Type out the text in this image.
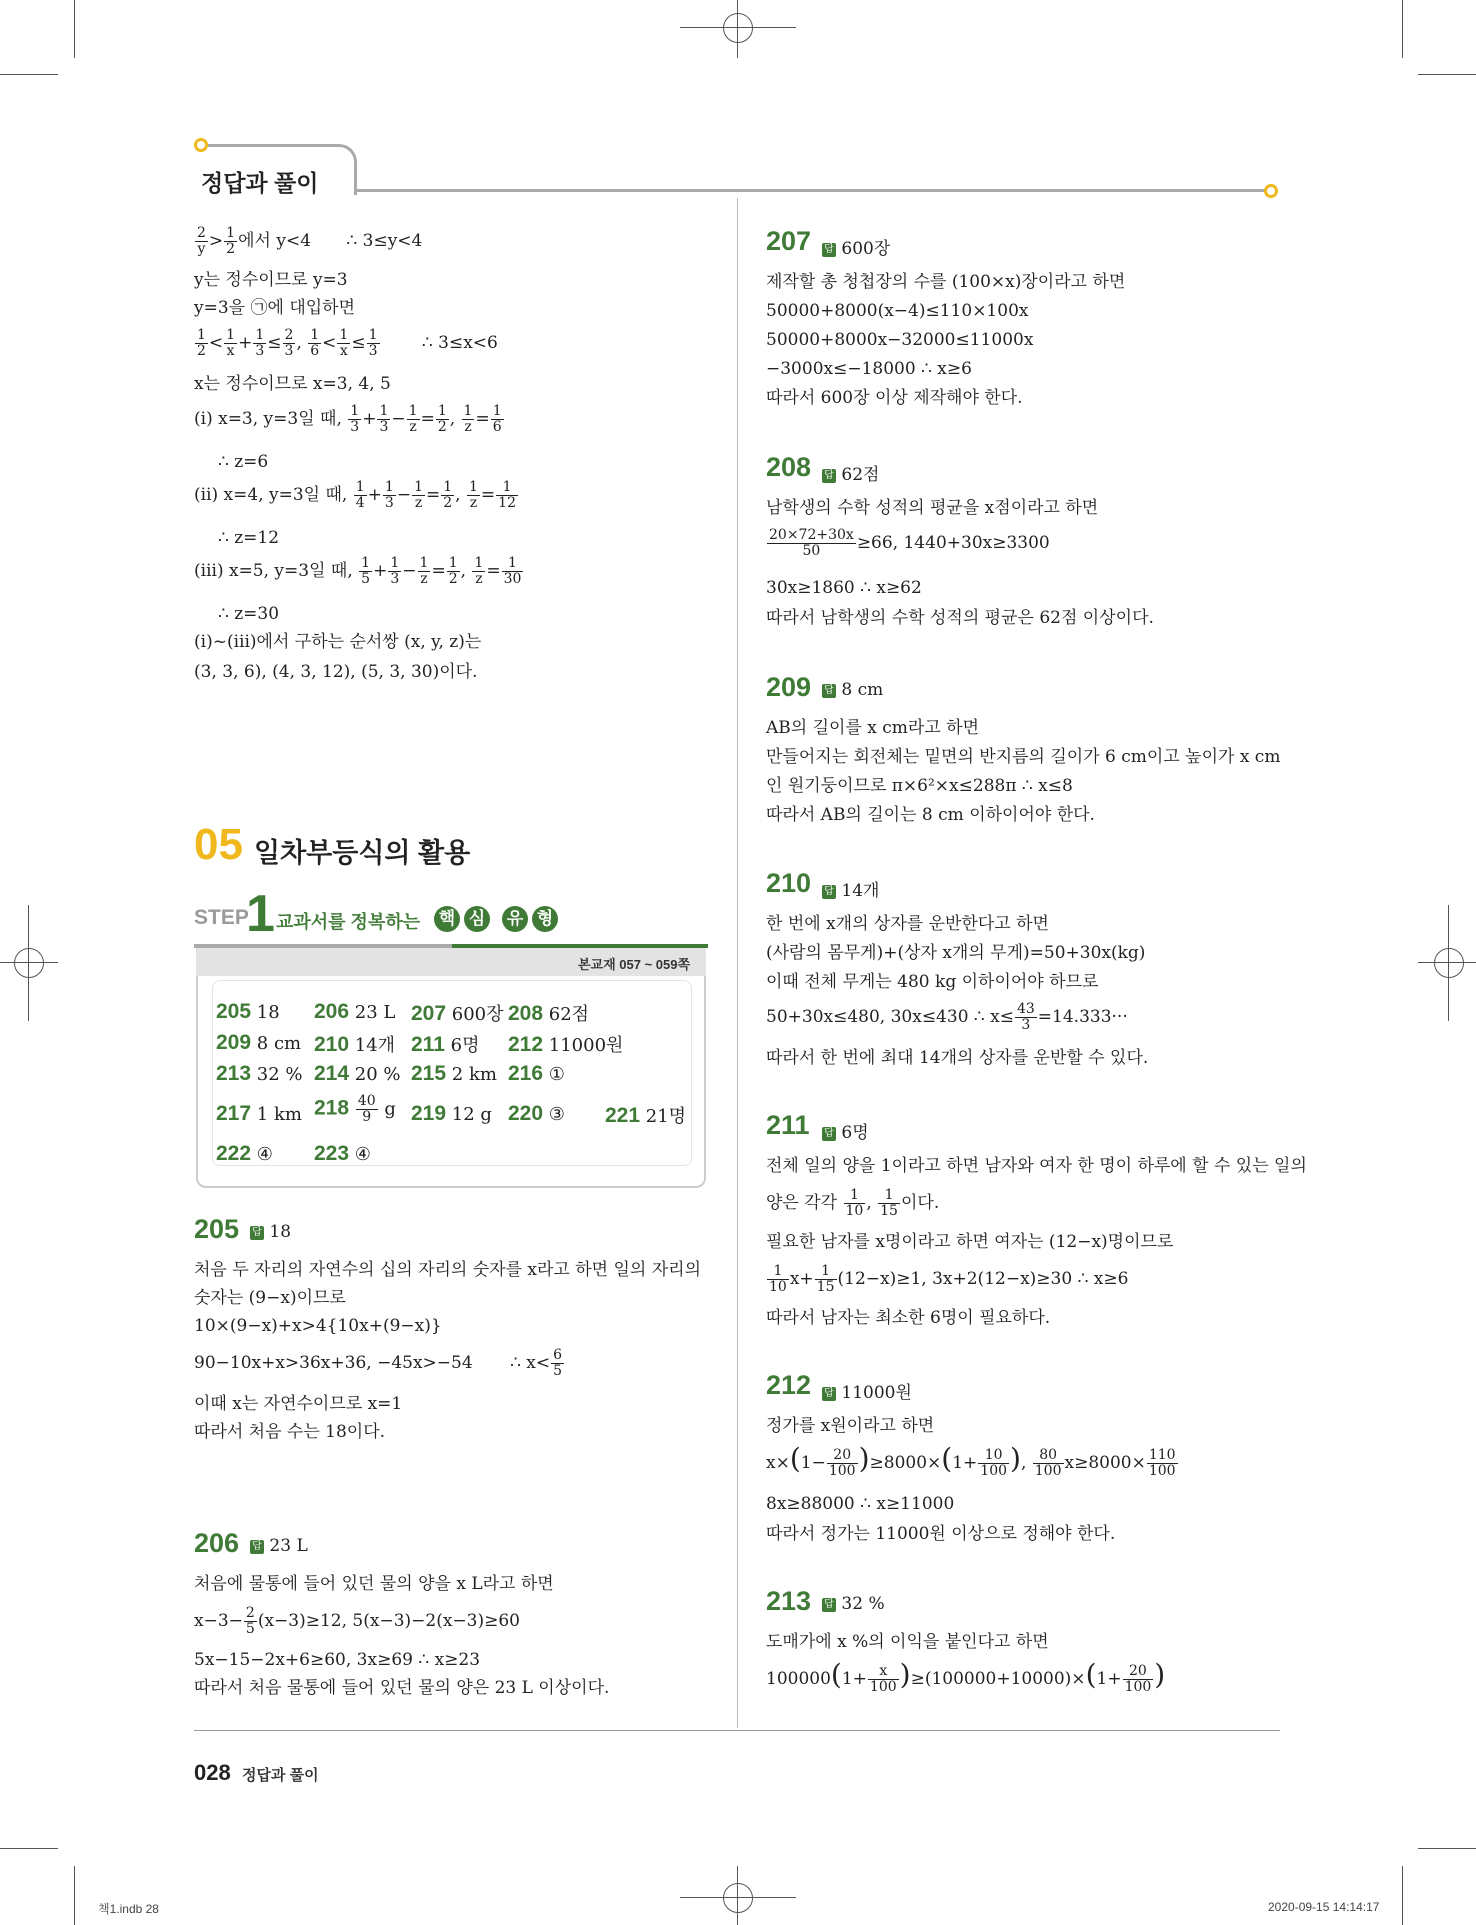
정답과 풀이
$\frac{2}{y} > \frac{1}{2}$ 에서 y<4 ∴ 3≤y<4
y는 정수이므로 y=3
y=3을 ㉠에 대입하면
$\frac{1}{2} < \frac{1}{x} + \frac{1}{3} \le \frac{2}{3}$ , $\frac{1}{6} < \frac{1}{x} \le \frac{1}{3}$ ∴ 3≤x<6
x는 정수이므로 x=3, 4, 5
(ⅰ) x=3, y=3일 때, $\frac{1}{3} + \frac{1}{3} - \frac{1}{z} = \frac{1}{2}$ , $\frac{1}{z} = \frac{1}{6}$
∴ z=6
(ⅱ) x=4, y=3일 때, $\frac{1}{4} + \frac{1}{3} - \frac{1}{z} = \frac{1}{2}$ , $\frac{1}{z} = \frac{1}{12}$
∴ z=12
(ⅲ) x=5, y=3일 때, $\frac{1}{5} + \frac{1}{3} - \frac{1}{z} = \frac{1}{2}$ , $\frac{1}{z} = \frac{1}{30}$
∴ z=30
(ⅰ)~(ⅲ)에서 구하는 순서쌍 (x, y, z)는
(3, 3, 6), (4, 3, 12), (5, 3, 30)이다.
05 일차부등식의 활용
STEP
1 교과서를 정복하는 핵 심 유 형
본교재 057 ~ 059쪽
205 18 206 23 L 207 600장 208 62점
209 8 cm 210 14개 211 6명 212 11000원
213 32 % 214 20 % 215 2 km 216 ①
217 1 km $218 \frac{40}{9}$ g 219 12 g 220 ③ 221 21명
222 ④ 223 ④
205 답 18
처음 두 자리의 자연수의 십의 자리의 숫자를 x라고 하면 일의 자리의
숫자는 (9−x)이므로
10×(9−x)+x>4{10x+(9−x)}
90−10x+x>36x+36, −45x>−54 ∴ $x< \frac{6}{5}$
이때 x는 자연수이므로 x=1
따라서 처음 수는 18이다.
206 답 23 L
처음에 물통에 들어 있던 물의 양을 x L라고 하면
$x-3- \frac{2}{5} (x-3)\ge 12$, 5(x−3)−2(x−3)≥60
5x−15−2x+6≥60, 3x≥69 ∴ x≥23
따라서 처음 물통에 들어 있던 물의 양은 23 L 이상이다.
207 답 600장
제작할 총 청첩장의 수를 (100×x)장이라고 하면
50000+8000(x−4)≤110×100x
50000+8000x−32000≤11000x
−3000x≤−18000 ∴ x≥6
따라서 600장 이상 제작해야 한다.
208 답 62점
남학생의 수학 성적의 평균을 x점이라고 하면
$\frac{20\times 72+30x}{50} \ge 66$, 1440+30x≥3300
30x≥1860 ∴ x≥62
따라서 남학생의 수학 성적의 평균은 62점 이상이다.
209 답 8 cm
AB의 길이를 x cm라고 하면
만들어지는 회전체는 밑면의 반지름의 길이가 6 cm이고 높이가 x cm
인 원기둥이므로 π×6²×x≤288π ∴ x≤8
따라서 AB의 길이는 8 cm 이하이어야 한다.
210 답 14개
한 번에 x개의 상자를 운반한다고 하면
(사람의 몸무게)+(상자 x개의 무게)=50+30x(kg)
이때 전체 무게는 480 kg 이하이어야 하므로
50+30x≤480, 30x≤430 ∴ $x\le \frac{43}{3} =14.333\cdot\cdot\cdot$
따라서 한 번에 최대 14개의 상자를 운반할 수 있다.
211 답 6명
전체 일의 양을 1이라고 하면 남자와 여자 한 명이 하루에 할 수 있는 일의
양은 각각 $\frac{1}{10}$ , $\frac{1}{15}$ 이다.
필요한 남자를 x명이라고 하면 여자는 (12−x)명이므로
$\frac{1}{10} x+ \frac{1}{15} (12-x)\ge 1$, 3x+2(12−x)≥30 ∴ x≥6
따라서 남자는 최소한 6명이 필요하다.
212 답 11000원
정가를 x원이라고 하면
$x\times(1- \frac{20}{100} )\ge 8000\times(1+ \frac{10}{100}$ ), $\frac{80}{100} x\ge 8000\times \frac{110}{100}$
8x≥88000 ∴ x≥11000
따라서 정가는 11000원 이상으로 정해야 한다.
213 답 32 %
도매가에 x %의 이익을 붙인다고 하면
$100000(1+ \frac{x}{100} )\ge(100000+10000)\times(1+ \frac{20}{100}$ )
028 정답과 풀이
책1.indb 28	2020-09-15 14:14:17
